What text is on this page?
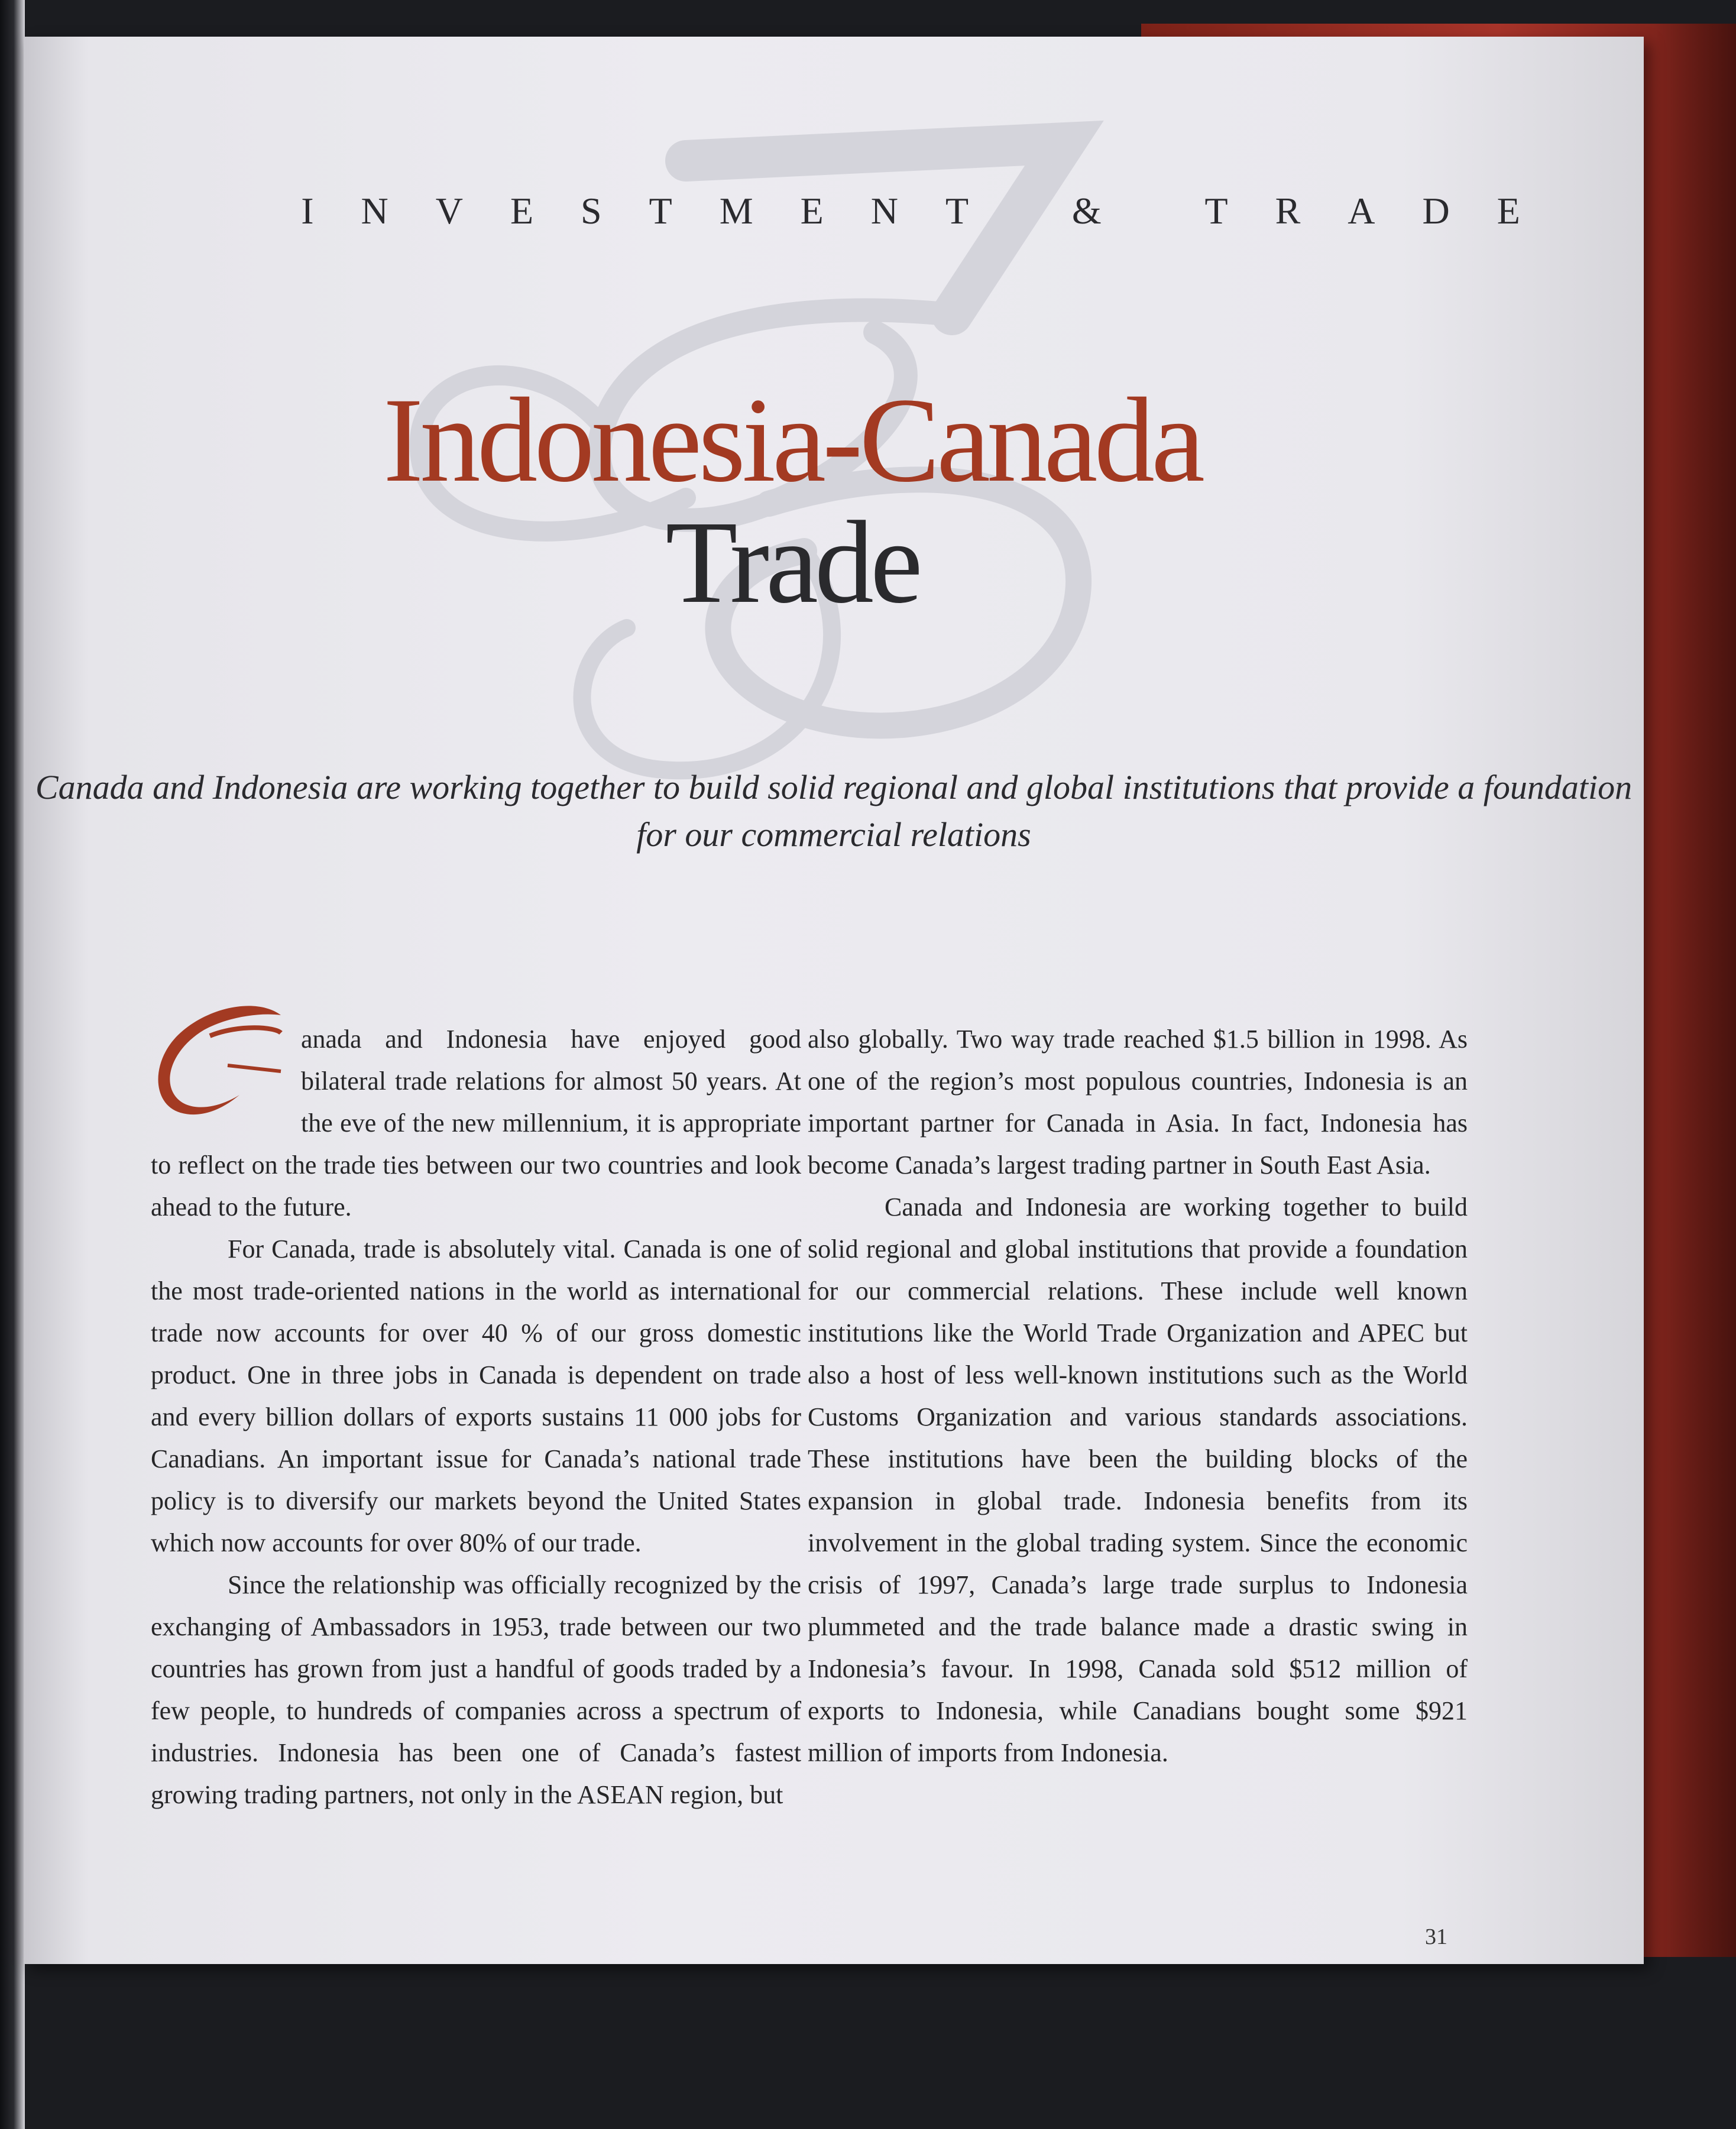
INVESTMENT & TRADE
Indonesia-Canada
Trade
Canada and Indonesia are working together to build solid regional and global institutions that provide a foundation for our commercial relations

anada and Indonesia have enjoyed good bilateral trade relations for almost 50 years. At the eve of the new millennium, it is appropriate to reflect on the trade ties between our two countries and look ahead to the future.

For Canada, trade is absolutely vital. Canada is one of the most trade-oriented nations in the world as international trade now accounts for over 40 % of our gross domestic product. One in three jobs in Canada is dependent on trade and every billion dollars of exports sustains 11 000 jobs for Canadians. An important issue for Canada’s national trade policy is to diversify our markets beyond the United States which now accounts for over 80% of our trade.

Since the relationship was officially recognized by the exchanging of Ambassadors in 1953, trade between our two countries has grown from just a handful of goods traded by a few people, to hundreds of companies across a spectrum of industries. Indonesia has been one of Canada’s fastest growing trading partners, not only in the ASEAN region, but

also globally. Two way trade reached $1.5 billion in 1998. As one of the region’s most populous countries, Indonesia is an important partner for Canada in Asia. In fact, Indonesia has become Canada’s largest trading partner in South East Asia.

Canada and Indonesia are working together to build solid regional and global institutions that provide a foundation for our commercial relations. These include well known institutions like the World Trade Organization and APEC but also a host of less well-known institutions such as the World Customs Organization and various standards associations. These institutions have been the building blocks of the expansion in global trade. Indonesia benefits from its involvement in the global trading system. Since the economic crisis of 1997, Canada’s large trade surplus to Indonesia plummeted and the trade balance made a drastic swing in Indonesia’s favour. In 1998, Canada sold $512 million of exports to Indonesia, while Canadians bought some $921 million of imports from Indonesia.

31
